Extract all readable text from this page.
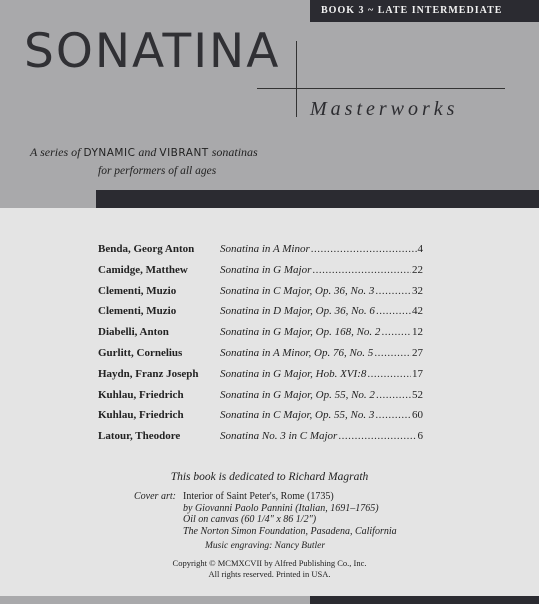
BOOK 3 ~ LATE INTERMEDIATE
SONATINA
Masterworks
A series of DYNAMIC and VIBRANT sonatinas
for performers of all ages
Benda, Georg Anton	Sonatina in A Minor .....	4
Camidge, Matthew	Sonatina in G Major .....	22
Clementi, Muzio	Sonatina in C Major, Op. 36, No. 3 .....	32
Clementi, Muzio	Sonatina in D Major, Op. 36, No. 6 .....	42
Diabelli, Anton	Sonatina in G Major, Op. 168, No. 2 .....	12
Gurlitt, Cornelius	Sonatina in A Minor, Op. 76, No. 5 .....	27
Haydn, Franz Joseph	Sonatina in G Major, Hob. XVI:8 .....	17
Kuhlau, Friedrich	Sonatina in G Major, Op. 55, No. 2 .....	52
Kuhlau, Friedrich	Sonatina in C Major, Op. 55, No. 3 .....	60
Latour, Theodore	Sonatina No. 3 in C Major .....	6
This book is dedicated to Richard Magrath
Cover art: Interior of Saint Peter's, Rome (1735)
by Giovanni Paolo Pannini (Italian, 1691–1765)
Oil on canvas (60 1/4" x 86 1/2")
The Norton Simon Foundation, Pasadena, California
Music engraving: Nancy Butler
Copyright © MCMXCVII by Alfred Publishing Co., Inc.
All rights reserved. Printed in USA.
